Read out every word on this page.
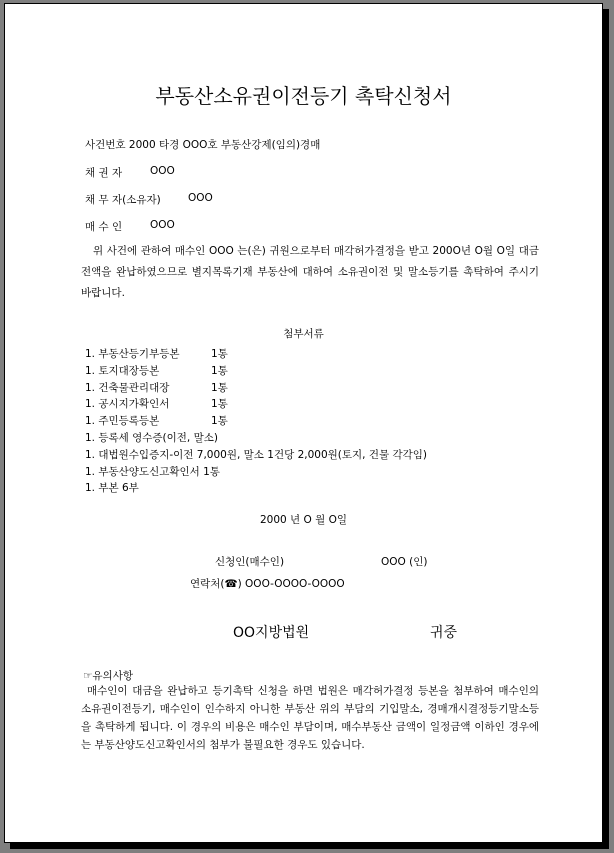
부동산소유권이전등기 촉탁신청서
사건번호 2000 타경 OOO호 부동산강제(임의)경매
채 권 자	OOO
채 무 자(소유자)	OOO
매 수 인	OOO
위 사건에 관하여 매수인 OOO 는(은) 귀원으로부터 매각허가결정을 받고 200O년 O월 O일 대금전액을 완납하였으므로 별지목록기재 부동산에 대하여 소유권이전 및 말소등기를 촉탁하여 주시기 바랍니다.
첨부서류
1. 부동산등기부등본	1통
1. 토지대장등본	1통
1. 건축물관리대장	1통
1. 공시지가확인서	1통
1. 주민등록등본	1통
1. 등록세 영수증(이전, 말소)
1. 대법원수입증지-이전 7,000원, 말소 1건당 2,000원(토지, 건물 각각임)
1. 부동산양도신고확인서 1통
1. 부본 6부
2000 년 O 월 O일
신청인(매수인)	OOO (인)
연락처(☎) OOO-OOOO-OOOO
OO지방법원	귀중
☞유의사항
매수인이 대금을 완납하고 등기촉탁 신청을 하면 법원은 매각허가결정 등본을 첨부하여 매수인의 소유권이전등기, 매수인이 인수하지 아니한 부동산 위의 부담의 기입말소, 경매개시결정등기말소등을 촉탁하게 됩니다. 이 경우의 비용은 매수인 부담이며, 매수부동산 금액이 일정금액 이하인 경우에는 부동산양도신고확인서의 첨부가 불필요한 경우도 있습니다.
